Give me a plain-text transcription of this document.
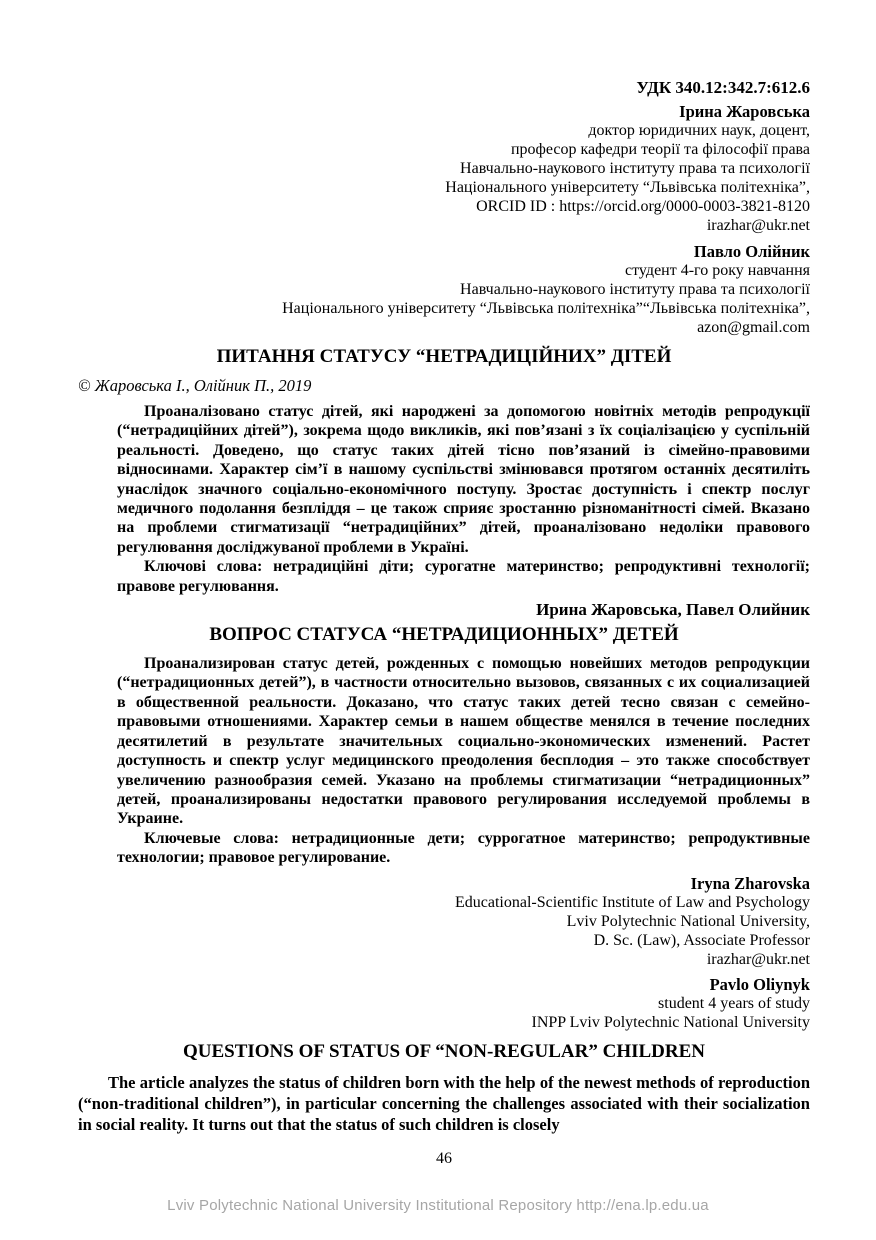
УДК 340.12:342.7:612.6
Ірина Жаровська
доктор юридичних наук, доцент,
професор кафедри теорії та філософії права
Навчально-наукового інституту права та психології
Національного університету “Львівська політехніка”,
ORCID ID : https://orcid.org/0000-0003-3821-8120
irazhar@ukr.net
Павло Олійник
студент 4-го року навчання
Навчально-наукового інституту права та психології
Національного університету “Львівська політехніка”“Львівська політехніка”,
azon@gmail.com
ПИТАННЯ СТАТУСУ “НЕТРАДИЦІЙНИХ” ДІТЕЙ
© Жаровська І., Олійник П., 2019

Проаналізовано статус дітей, які народжені за допомогою новітніх методів репродукції (“нетрадиційних дітей”), зокрема щодо викликів, які пов’язані з їх соціалізацією у суспільній реальності. Доведено, що статус таких дітей тісно пов’язаний із сімейно-правовими відносинами. Характер сім’ї в нашому суспільстві змінювався протягом останніх десятиліть унаслідок значного соціально-економічного поступу. Зростає доступність і спектр послуг медичного подолання безпліддя – це також сприяє зростанню різноманітності сімей. Вказано на проблеми стигматизації “нетрадиційних” дітей, проаналізовано недоліки правового регулювання досліджуваної проблеми в Україні.

Ключові слова: нетрадиційні діти; сурогатне материнство; репродуктивні технології; правове регулювання.

Ирина Жаровська, Павел Олийник
ВОПРОС СТАТУСА “НЕТРАДИЦИОННЫХ” ДЕТЕЙ

Проанализирован статус детей, рожденных с помощью новейших методов репродукции (“нетрадиционных детей”), в частности относительно вызовов, связанных с их социализацией в общественной реальности. Доказано, что статус таких детей тесно связан с семейно-правовыми отношениями. Характер семьи в нашем обществе менялся в течение последних десятилетий в результате значительных социально-экономических изменений. Растет доступность и спектр услуг медицинского преодоления бесплодия – это также способствует увеличению разнообразия семей. Указано на проблемы стигматизации “нетрадиционных” детей, проанализированы недостатки правового регулирования исследуемой проблемы в Украине.

Ключевые слова: нетрадиционные дети; суррогатное материнство; репродуктивные технологии; правовое регулирование.

Iryna Zharovska
Educational-Scientific Institute of Law and Psychology
Lviv Polytechnic National University,
D. Sc. (Law), Associate Professor
irazhar@ukr.net
Pavlo Oliynyk
student 4 years of study
INPP Lviv Polytechnic National University
QUESTIONS OF STATUS OF “NON-REGULAR” CHILDREN

The article analyzes the status of children born with the help of the newest methods of reproduction (“non-traditional children”), in particular concerning the challenges associated with their socialization in social reality. It turns out that the status of such children is closely

46
Lviv Polytechnic National University Institutional Repository http://ena.lp.edu.ua
